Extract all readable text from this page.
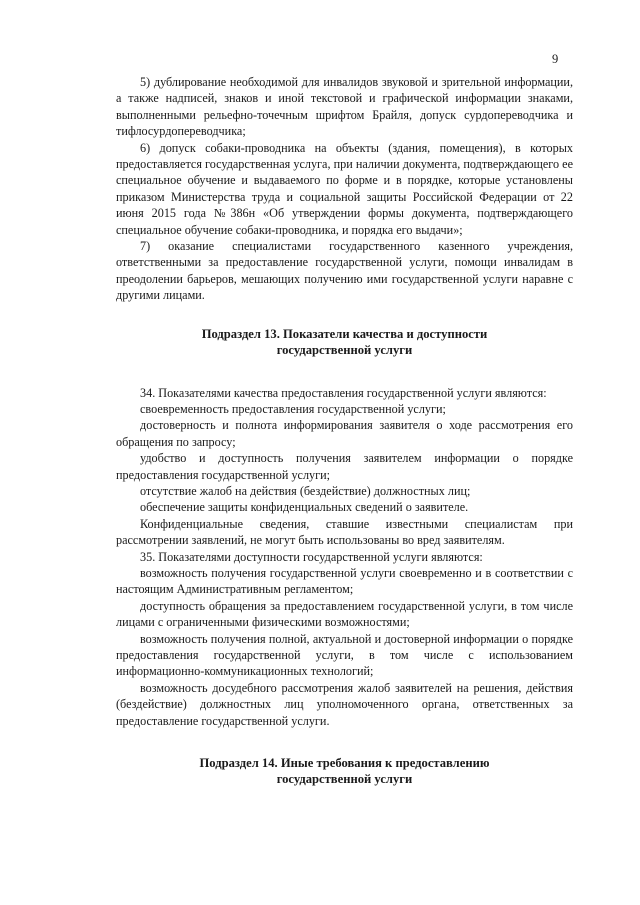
9

5) дублирование необходимой для инвалидов звуковой и зрительной информации, а также надписей, знаков и иной текстовой и графической информации знаками, выполненными рельефно-точечным шрифтом Брайля, допуск сурдопереводчика и тифлосурдопереводчика;

6) допуск собаки-проводника на объекты (здания, помещения), в которых предоставляется государственная услуга, при наличии документа, подтверждающего ее специальное обучение и выдаваемого по форме и в порядке, которые установлены приказом Министерства труда и социальной защиты Российской Федерации от 22 июня 2015 года №386н «Об утверждении формы документа, подтверждающего специальное обучение собаки-проводника, и порядка его выдачи»;

7) оказание специалистами государственного казенного учреждения, ответственными за предоставление государственной услуги, помощи инвалидам в преодолении барьеров, мешающих получению ими государственной услуги наравне с другими лицами.

Подраздел 13. Показатели качества и доступности

государственной услуги

34. Показателями качества предоставления государственной услуги являются:

своевременность предоставления государственной услуги;

достоверность и полнота информирования заявителя о ходе рассмотрения его обращения по запросу;

удобство и доступность получения заявителем информации о порядке предоставления государственной услуги;

отсутствие жалоб на действия (бездействие) должностных лиц;

обеспечение защиты конфиденциальных сведений о заявителе.

Конфиденциальные сведения, ставшие известными специалистам при рассмотрении заявлений, не могут быть использованы во вред заявителям.

35. Показателями доступности государственной услуги являются:

возможность получения государственной услуги своевременно и в соответствии с настоящим Административным регламентом;

доступность обращения за предоставлением государственной услуги, в том числе лицами с ограниченными физическими возможностями;

возможность получения полной, актуальной и достоверной информации о порядке предоставления государственной услуги, в том числе с использованием информационно-коммуникационных технологий;

возможность досудебного рассмотрения жалоб заявителей на решения, действия (бездействие) должностных лиц уполномоченного органа, ответственных за предоставление государственной услуги.

Подраздел 14. Иные требования к предоставлению

государственной услуги
